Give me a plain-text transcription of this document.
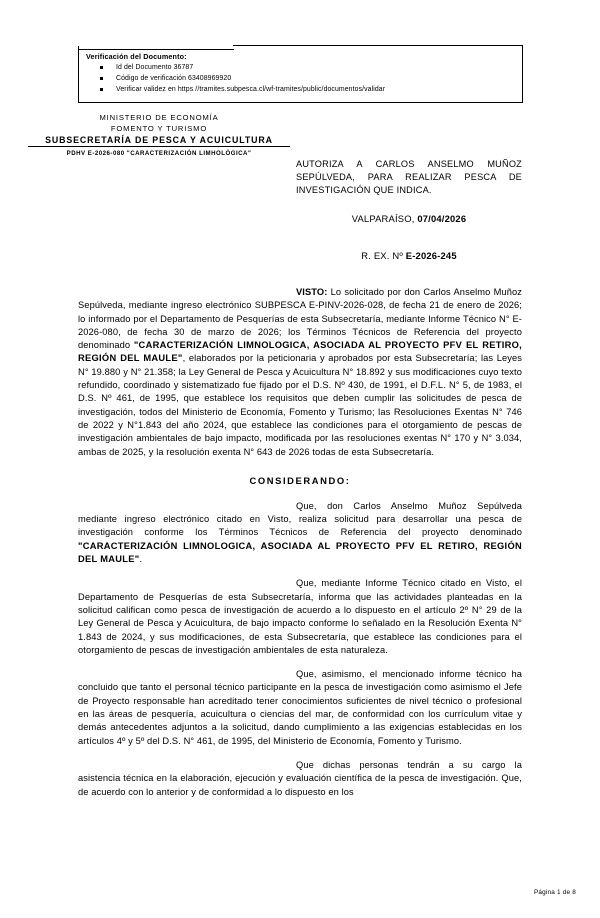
Verificación del Documento:
Id del Documento 36787
Código de verificación 63408969920
Verificar validez en https //tramites.subpesca.cl/wf-tramites/public/documentos/validar
MINISTERIO DE ECONOMÍA
FOMENTO Y TURISMO
SUBSECRETARÍA DE PESCA Y ACUICULTURA
PDHV E-2026-080 "CARACTERIZACIÓN LIMHOLÓGICA"
AUTORIZA A CARLOS ANSELMO MUÑOZ SEPÚLVEDA, PARA REALIZAR PESCA DE INVESTIGACIÓN QUE INDICA.
VALPARAÍSO, 07/04/2026
R. EX. Nº E-2026-245

VISTO: Lo solicitado por don Carlos Anselmo Muñoz Sepúlveda, mediante ingreso electrónico SUBPESCA E-PINV-2026-028, de fecha 21 de enero de 2026; lo informado por el Departamento de Pesquerías de esta Subsecretaría, mediante Informe Técnico N° E-2026-080, de fecha 30 de marzo de 2026; los Términos Técnicos de Referencia del proyecto denominado "CARACTERIZACIÓN LIMNOLOGICA, ASOCIADA AL PROYECTO PFV EL RETIRO, REGIÓN DEL MAULE", elaborados por la peticionaria y aprobados por esta Subsecretaría; las Leyes N° 19.880 y N° 21.358; la Ley General de Pesca y Acuicultura N° 18.892 y sus modificaciones cuyo texto refundido, coordinado y sistematizado fue fijado por el D.S. Nº 430, de 1991, el D.F.L. N° 5, de 1983, el D.S. Nº 461, de 1995, que establece los requisitos que deben cumplir las solicitudes de pesca de investigación, todos del Ministerio de Economía, Fomento y Turismo; las Resoluciones Exentas N° 746 de 2022 y N°1.843 del año 2024, que establece las condiciones para el otorgamiento de pescas de investigación ambientales de bajo impacto, modificada por las resoluciones exentas N° 170 y N° 3.034, ambas de 2025, y la resolución exenta N° 643 de 2026 todas de esta Subsecretaría.

CONSIDERANDO:

Que, don Carlos Anselmo Muñoz Sepúlveda mediante ingreso electrónico citado en Visto, realiza solicitud para desarrollar una pesca de investigación conforme los Términos Técnicos de Referencia del proyecto denominado "CARACTERIZACIÓN LIMNOLOGICA, ASOCIADA AL PROYECTO PFV EL RETIRO, REGIÓN DEL MAULE".

Que, mediante Informe Técnico citado en Visto, el Departamento de Pesquerías de esta Subsecretaría, informa que las actividades planteadas en la solicitud califican como pesca de investigación de acuerdo a lo dispuesto en el artículo 2º N° 29 de la Ley General de Pesca y Acuicultura, de bajo impacto conforme lo señalado en la Resolución Exenta N° 1.843 de 2024, y sus modificaciones, de esta Subsecretaría, que establece las condiciones para el otorgamiento de pescas de investigación ambientales de esta naturaleza.

Que, asimismo, el mencionado informe técnico ha concluido que tanto el personal técnico participante en la pesca de investigación como asimismo el Jefe de Proyecto responsable han acreditado tener conocimientos suficientes de nivel técnico o profesional en las áreas de pesquería, acuicultura o ciencias del mar, de conformidad con los currículum vitae y demás antecedentes adjuntos a la solicitud, dando cumplimiento a las exigencias establecidas en los artículos 4º y 5º del D.S. N° 461, de 1995, del Ministerio de Economía, Fomento y Turismo.

Que dichas personas tendrán a su cargo la asistencia técnica en la elaboración, ejecución y evaluación científica de la pesca de investigación. Que, de acuerdo con lo anterior y de conformidad a lo dispuesto en los

Página 1 de 8
